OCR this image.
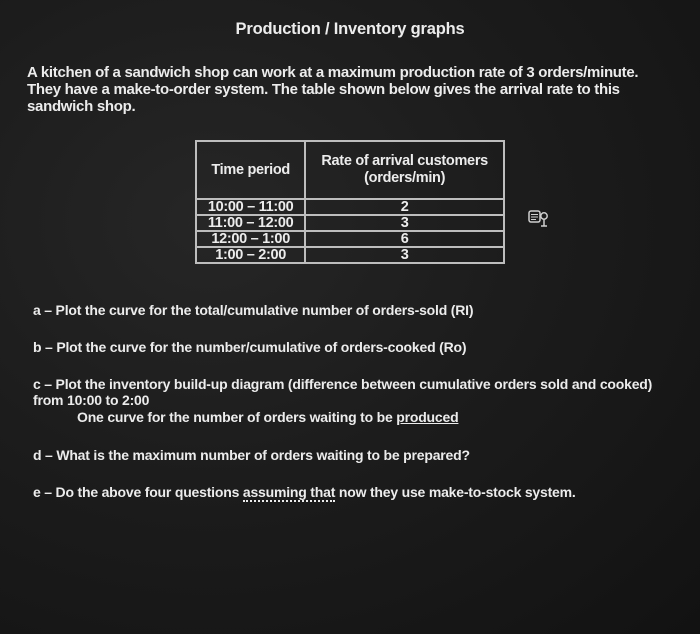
Production / Inventory graphs
A kitchen of a sandwich shop can work at a maximum production rate of 3 orders/minute. They have a make-to-order system. The table shown below gives the arrival rate to this sandwich shop.
Time period	Rate of arrival customers (orders/min)
10:00 – 11:00	2
11:00 – 12:00	3
12:00 – 1:00	6
1:00 – 2:00	3
a – Plot the curve for the total/cumulative number of orders-sold (RI)
b – Plot the curve for the number/cumulative of orders-cooked (Ro)
c – Plot the inventory build-up diagram (difference between cumulative orders sold and cooked) from 10:00 to 2:00
One curve for the number of orders waiting to be produced
d – What is the maximum number of orders waiting to be prepared?
e – Do the above four questions assuming that now they use make-to-stock system.
